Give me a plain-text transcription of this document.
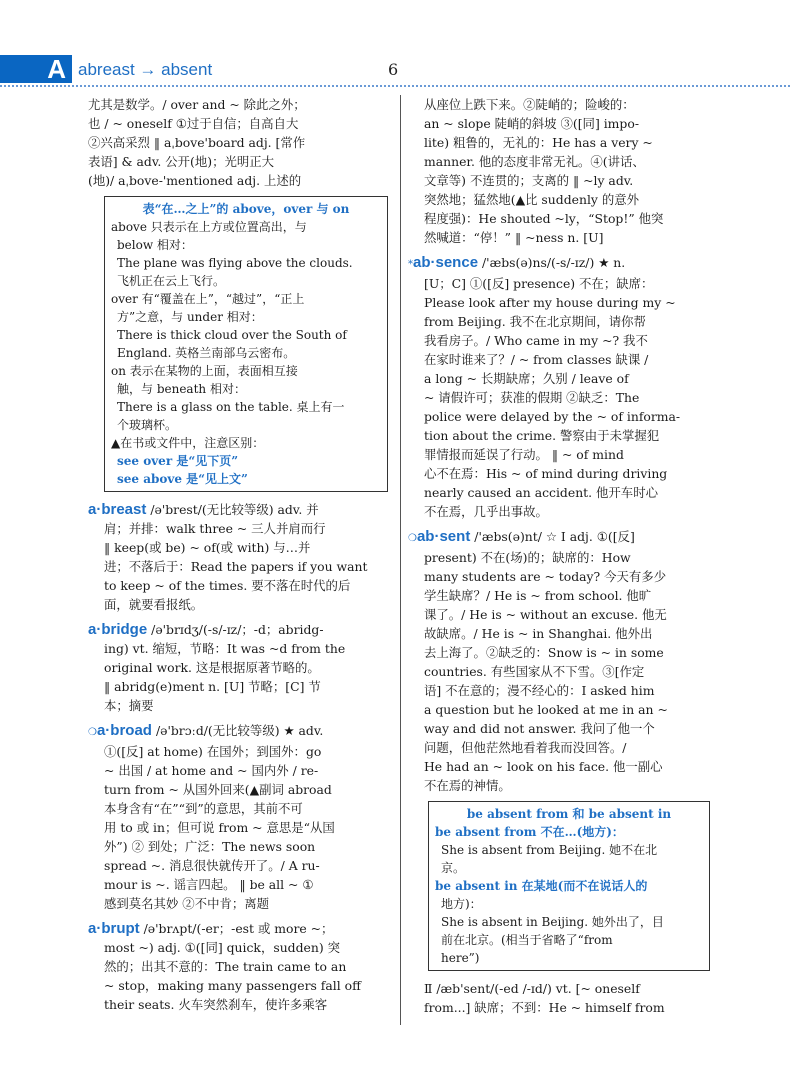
A abreast → absent	6

尤其是数学。/ over and ~ 除此之外；

也 / ~ oneself ①过于自信；自高自大

②兴高采烈 ‖ aˌbove'board adj. [常作

表语] & adv. 公开(地)；光明正大

(地)/ aˌbove-'mentioned adj. 上述的

表“在…之上”的 above，over 与 on

above 只表示在上方或位置高出，与

below 相对：

The plane was flying above the clouds.

飞机正在云上飞行。

over 有“覆盖在上”，“越过”，“正上

方”之意，与 under 相对：

There is thick cloud over the South of

England. 英格兰南部乌云密布。

on 表示在某物的上面，表面相互接

触，与 beneath 相对：

There is a glass on the table. 桌上有一

个玻璃杯。

▲在书或文件中，注意区别：

see over 是“见下页”

see above 是“见上文”

a·breast /ə'brest/(无比较等级) adv. 并

肩；并排：walk three ~ 三人并肩而行

‖ keep(或 be) ~ of(或 with) 与…并

进；不落后于：Read the papers if you want

to keep ~ of the times. 要不落在时代的后

面，就要看报纸。

a·bridge /ə'brɪdʒ/(-s/-ɪz/；-d；abridg-

ing) vt. 缩短，节略：It was ~d from the

original work. 这是根据原著节略的。

‖ abridg(e)ment n. [U] 节略；[C] 节

本；摘要

❍a·broad /ə'brɔːd/(无比较等级) ★ adv.

①([反] at home) 在国外；到国外：go

~ 出国 / at home and ~ 国内外 / re-

turn from ~ 从国外回来(▲副词 abroad

本身含有“在”“到”的意思，其前不可

用 to 或 in；但可说 from ~ 意思是“从国

外”) ② 到处；广泛：The news soon

spread ~. 消息很快就传开了。/ A ru-

mour is ~. 谣言四起。 ‖ be all ~ ①

感到莫名其妙 ②不中肯；离题

a·brupt /ə'brʌpt/(-er；-est 或 more ~；

most ~) adj. ①([同] quick，sudden) 突

然的；出其不意的：The train came to an

~ stop，making many passengers fall off

their seats. 火车突然刹车，使许多乘客

从座位上跌下来。②陡峭的；险峻的：

an ~ slope 陡峭的斜坡 ③([同] impo-

lite) 粗鲁的，无礼的：He has a very ~

manner. 他的态度非常无礼。④(讲话、

文章等) 不连贯的；支离的 ‖ ~ly adv.

突然地；猛然地(▲比 suddenly 的意外

程度强)：He shouted ~ly，“Stop!” 他突

然喊道：“停！” ‖ ~ness n. [U]

*ab·sence /'æbs(ə)ns/(-s/-ɪz/) ★ n.

[U；C] ①([反] presence) 不在；缺席：

Please look after my house during my ~

from Beijing. 我不在北京期间，请你帮

我看房子。/ Who came in my ~? 我不

在家时谁来了？/ ~ from classes 缺课 /

a long ~ 长期缺席；久别 / leave of

~ 请假许可；获准的假期 ②缺乏：The

police were delayed by the ~ of informa-

tion about the crime. 警察由于未掌握犯

罪情报而延误了行动。 ‖ ~ of mind

心不在焉：His ~ of mind during driving

nearly caused an accident. 他开车时心

不在焉，几乎出事故。

❍ab·sent /'æbs(ə)nt/ ☆ Ⅰ adj. ①([反]

present) 不在(场)的；缺席的：How

many students are ~ today? 今天有多少

学生缺席？/ He is ~ from school. 他旷

课了。/ He is ~ without an excuse. 他无

故缺席。/ He is ~ in Shanghai. 他外出

去上海了。②缺乏的：Snow is ~ in some

countries. 有些国家从不下雪。③[作定

语] 不在意的；漫不经心的：I asked him

a question but he looked at me in an ~

way and did not answer. 我问了他一个

问题，但他茫然地看着我而没回答。/

He had an ~ look on his face. 他一副心

不在焉的神情。

be absent from 和 be absent in

be absent from 不在…(地方)：

She is absent from Beijing. 她不在北

京。

be absent in 在某地(而不在说话人的

地方)：

She is absent in Beijing. 她外出了，目

前在北京。(相当于省略了“from

here”)

Ⅱ /æb'sent/(-ed /-ɪd/) vt. [~ oneself

from...] 缺席；不到：He ~ himself from
